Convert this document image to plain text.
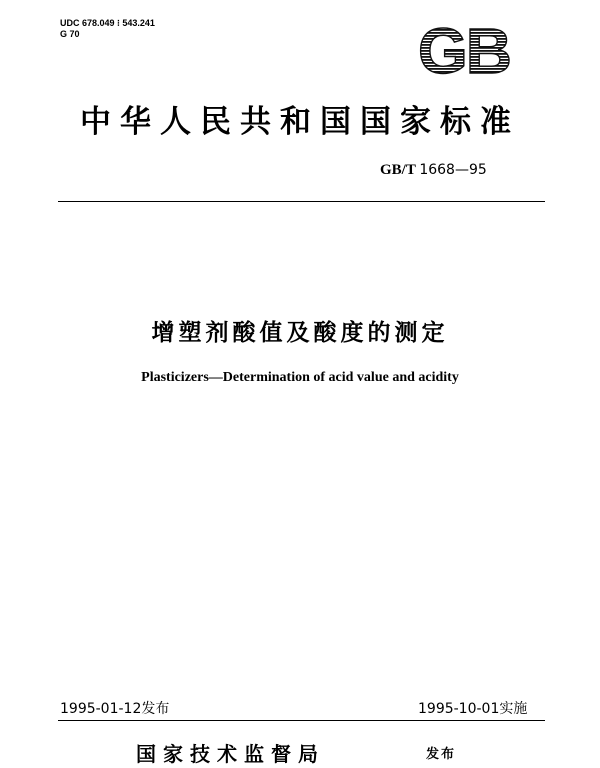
UDC 678.049 ⁝ 543.241
G 70	GB
中华人民共和国国家标准
GB/T 1668—95
增塑剂酸值及酸度的测定
Plasticizers—Determination of acid value and acidity
1995-01-12发布	1995-10-01实施
国家技术监督局	发布
